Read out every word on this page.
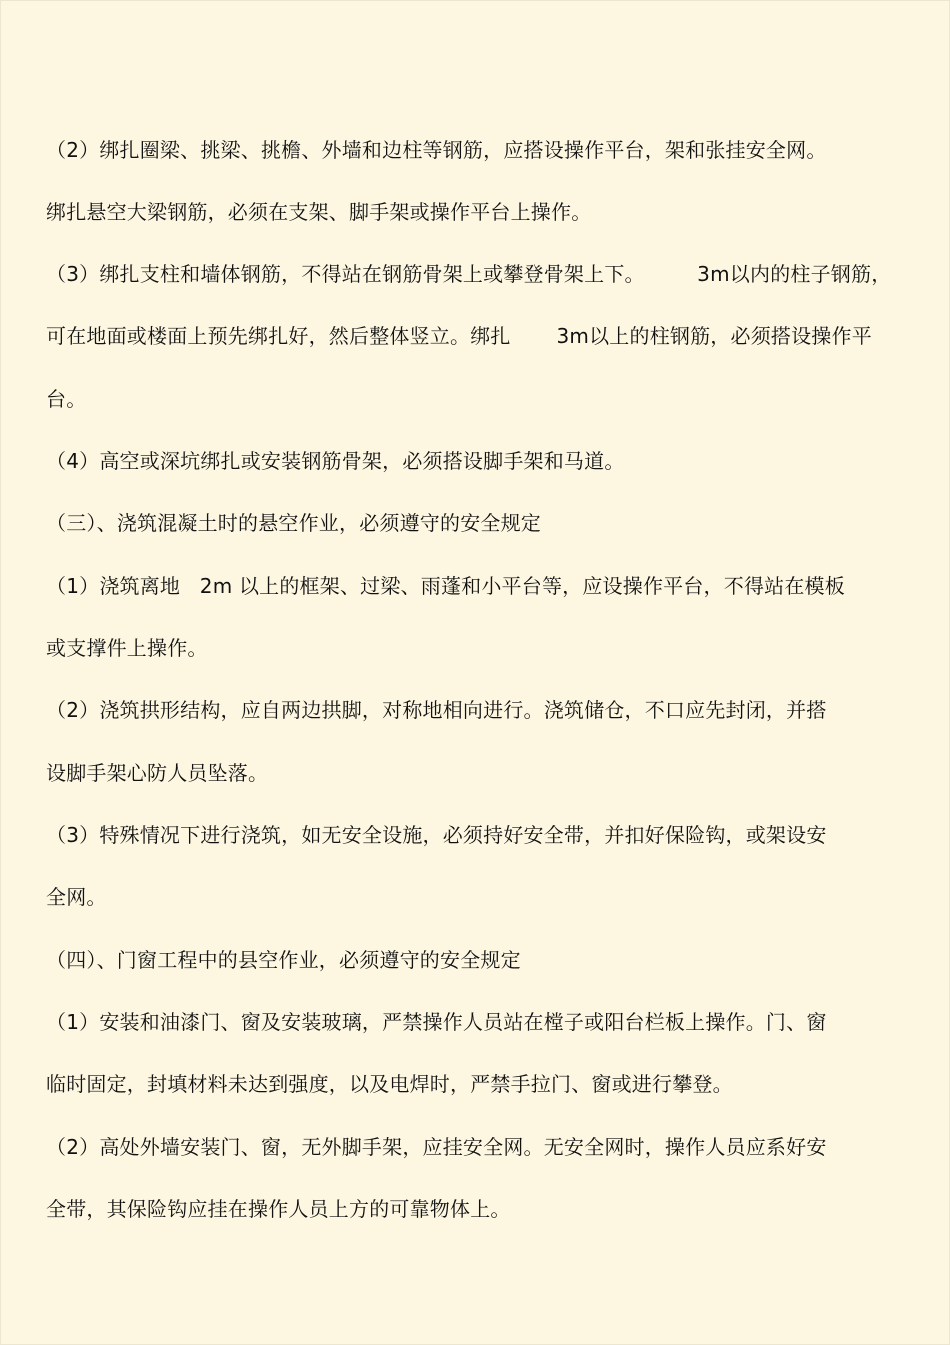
（2）绑扎圈梁、挑梁、挑檐、外墙和边柱等钢筋，应搭设操作平台，架和张挂安全网。
绑扎悬空大梁钢筋，必须在支架、脚手架或操作平台上操作。
（3）绑扎支柱和墙体钢筋，不得站在钢筋骨架上或攀登骨架上下。        3m以内的柱子钢筋，
可在地面或楼面上预先绑扎好，然后整体竖立。绑扎       3m以上的柱钢筋，必须搭设操作平
台。
（4）高空或深坑绑扎或安装钢筋骨架，必须搭设脚手架和马道。
（三）、浇筑混凝土时的悬空作业，必须遵守的安全规定
（1）浇筑离地   2m 以上的框架、过梁、雨蓬和小平台等，应设操作平台，不得站在模板
或支撑件上操作。
（2）浇筑拱形结构，应自两边拱脚，对称地相向进行。浇筑储仓，不口应先封闭，并搭
设脚手架心防人员坠落。
（3）特殊情况下进行浇筑，如无安全设施，必须持好安全带，并扣好保险钩，或架设安
全网。
（四）、门窗工程中的县空作业，必须遵守的安全规定
（1）安装和油漆门、窗及安装玻璃，严禁操作人员站在樘子或阳台栏板上操作。门、窗
临时固定，封填材料未达到强度，以及电焊时，严禁手拉门、窗或进行攀登。
（2）高处外墙安装门、窗，无外脚手架，应挂安全网。无安全网时，操作人员应系好安
全带，其保险钩应挂在操作人员上方的可靠物体上。
